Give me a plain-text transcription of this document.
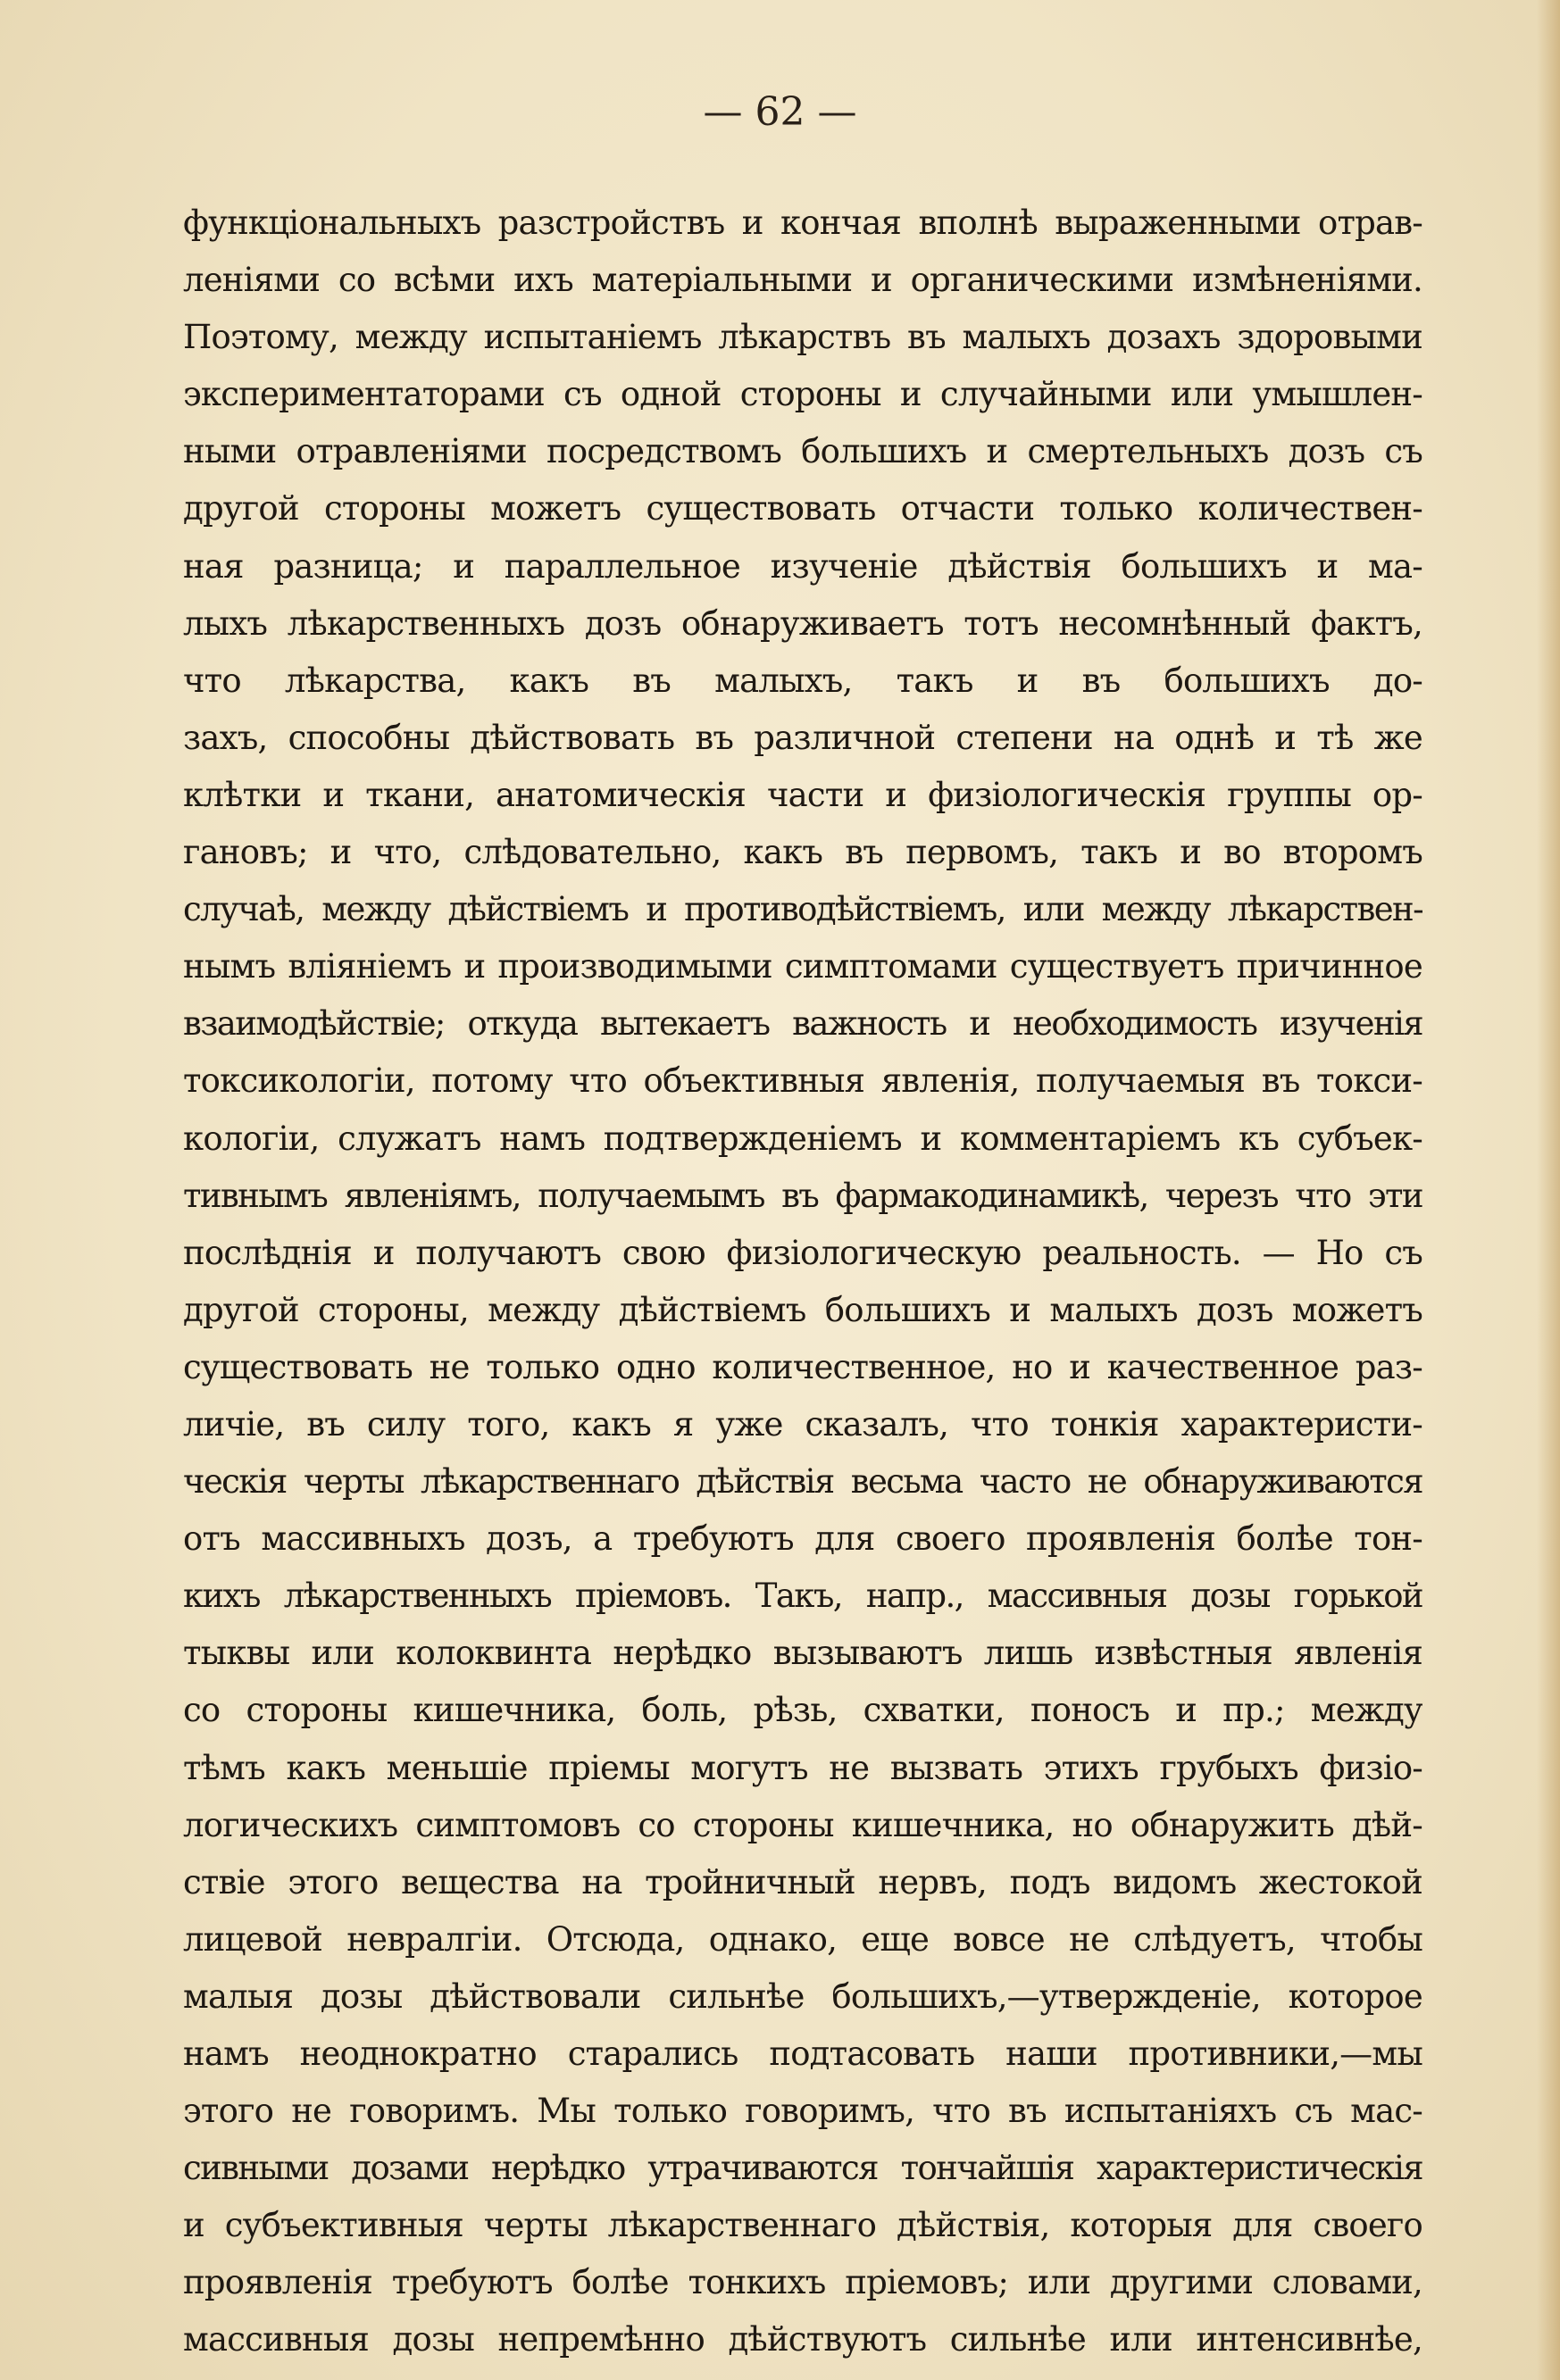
— 62 —

функціональныхъ разстройствъ и кончая вполнѣ выраженными отрав-
леніями со всѣми ихъ матеріальными и органическими измѣненіями.
Поэтому, между испытаніемъ лѣкарствъ въ малыхъ дозахъ здоровыми
экспериментаторами съ одной стороны и случайными или умышлен-
ными отравленіями посредствомъ большихъ и смертельныхъ дозъ съ
другой стороны можетъ существовать отчасти только количествен-
ная разница; и параллельное изученіе дѣйствія большихъ и ма-
лыхъ лѣкарственныхъ дозъ обнаруживаетъ тотъ несомнѣнный фактъ,
что лѣкарства, какъ въ малыхъ, такъ и въ большихъ до-
захъ, способны дѣйствовать въ различной степени на однѣ и тѣ же
клѣтки и ткани, анатомическія части и физіологическія группы ор-
гановъ; и что, слѣдовательно, какъ въ первомъ, такъ и во второмъ
случаѣ, между дѣйствіемъ и противодѣйствіемъ, или между лѣкарствен-
нымъ вліяніемъ и производимыми симптомами существуетъ причинное
взаимодѣйствіе; откуда вытекаетъ важность и необходимость изученія
токсикологіи, потому что объективныя явленія, получаемыя въ токси-
кологіи, служатъ намъ подтвержденіемъ и комментаріемъ къ субъек-
тивнымъ явленіямъ, получаемымъ въ фармакодинамикѣ, черезъ что эти
послѣднія и получаютъ свою физіологическую реальность. — Но съ
другой стороны, между дѣйствіемъ большихъ и малыхъ дозъ можетъ
существовать не только одно количественное, но и качественное раз-
личіе, въ силу того, какъ я уже сказалъ, что тонкія характеристи-
ческія черты лѣкарственнаго дѣйствія весьма часто не обнаруживаются
отъ массивныхъ дозъ, а требуютъ для своего проявленія болѣе тон-
кихъ лѣкарственныхъ пріемовъ. Такъ, напр., массивныя дозы горькой
тыквы или колоквинта нерѣдко вызываютъ лишь извѣстныя явленія
со стороны кишечника, боль, рѣзь, схватки, поносъ и пр.; между
тѣмъ какъ меньшіе пріемы могутъ не вызвать этихъ грубыхъ физіо-
логическихъ симптомовъ со стороны кишечника, но обнаружить дѣй-
ствіе этого вещества на тройничный нервъ, подъ видомъ жестокой
лицевой невралгіи. Отсюда, однако, еще вовсе не слѣдуетъ, чтобы
малыя дозы дѣйствовали сильнѣе большихъ,—утвержденіе, которое
намъ неоднократно старались подтасовать наши противники,—мы
этого не говоримъ. Мы только говоримъ, что въ испытаніяхъ съ мас-
сивными дозами нерѣдко утрачиваются тончайшія характеристическія
и субъективныя черты лѣкарственнаго дѣйствія, которыя для своего
проявленія требуютъ болѣе тонкихъ пріемовъ; или другими словами,
массивныя дозы непремѣнно дѣйствуютъ сильнѣе или интенсивнѣе,
